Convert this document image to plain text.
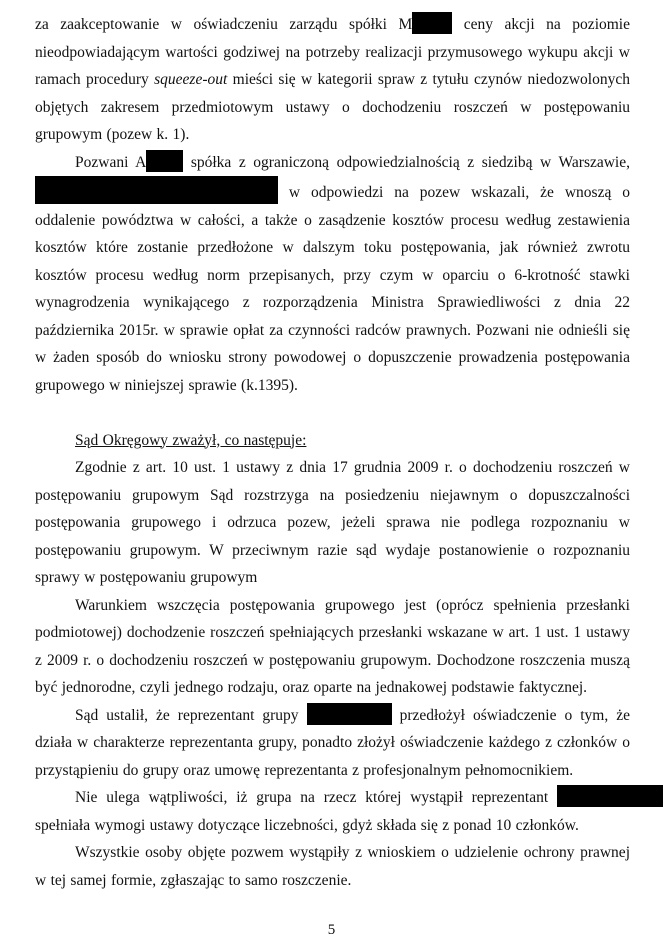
za zaakceptowanie w oświadczeniu zarządu spółki M	ceny akcji na poziomie nieodpowiadającym wartości godziwej na potrzeby realizacji przymusowego wykupu akcji w ramach procedury squeeze-out mieści się w kategorii spraw z tytułu czynów niedozwolonych objętych zakresem przedmiotowym ustawy o dochodzeniu roszczeń w postępowaniu grupowym (pozew k. 1).

Pozwani A spółka z ograniczoną odpowiedzialnością z siedzibą w Warszawie,  w odpowiedzi na pozew wskazali, że wnoszą o oddalenie powództwa w całości, a także o zasądzenie kosztów procesu według zestawienia kosztów które zostanie przedłożone w dalszym toku postępowania, jak również zwrotu kosztów procesu według norm przepisanych, przy czym w oparciu o 6-krotność stawki wynagrodzenia wynikającego z rozporządzenia Ministra Sprawiedliwości z dnia 22 października 2015r. w sprawie opłat za czynności radców prawnych. Pozwani nie odnieśli się w żaden sposób do wniosku strony powodowej o dopuszczenie prowadzenia postępowania grupowego w niniejszej sprawie (k.1395).

Sąd Okręgowy zważył, co następuje:

Zgodnie z art. 10 ust. 1 ustawy z dnia 17 grudnia 2009 r. o dochodzeniu roszczeń w postępowaniu grupowym Sąd rozstrzyga na posiedzeniu niejawnym o dopuszczalności postępowania grupowego i odrzuca pozew, jeżeli sprawa nie podlega rozpoznaniu w postępowaniu grupowym. W przeciwnym razie sąd wydaje postanowienie o rozpoznaniu sprawy w postępowaniu grupowym

Warunkiem wszczęcia postępowania grupowego jest (oprócz spełnienia przesłanki podmiotowej) dochodzenie roszczeń spełniających przesłanki wskazane w art. 1 ust. 1 ustawy z 2009 r. o dochodzeniu roszczeń w postępowaniu grupowym. Dochodzone roszczenia muszą być jednorodne, czyli jednego rodzaju, oraz oparte na jednakowej podstawie faktycznej.

Sąd ustalił, że reprezentant grupy	przedłożył oświadczenie o tym, że działa w charakterze reprezentanta grupy, ponadto złożył oświadczenie każdego z członków o przystąpieniu do grupy oraz umowę reprezentanta z profesjonalnym pełnomocnikiem.

Nie ulega wątpliwości, iż grupa na rzecz której wystąpił reprezentant  spełniała wymogi ustawy dotyczące liczebności, gdyż składa się z ponad 10 członków.

Wszystkie osoby objęte pozwem wystąpiły z wnioskiem o udzielenie ochrony prawnej w tej samej formie, zgłaszając to samo roszczenie.

5
